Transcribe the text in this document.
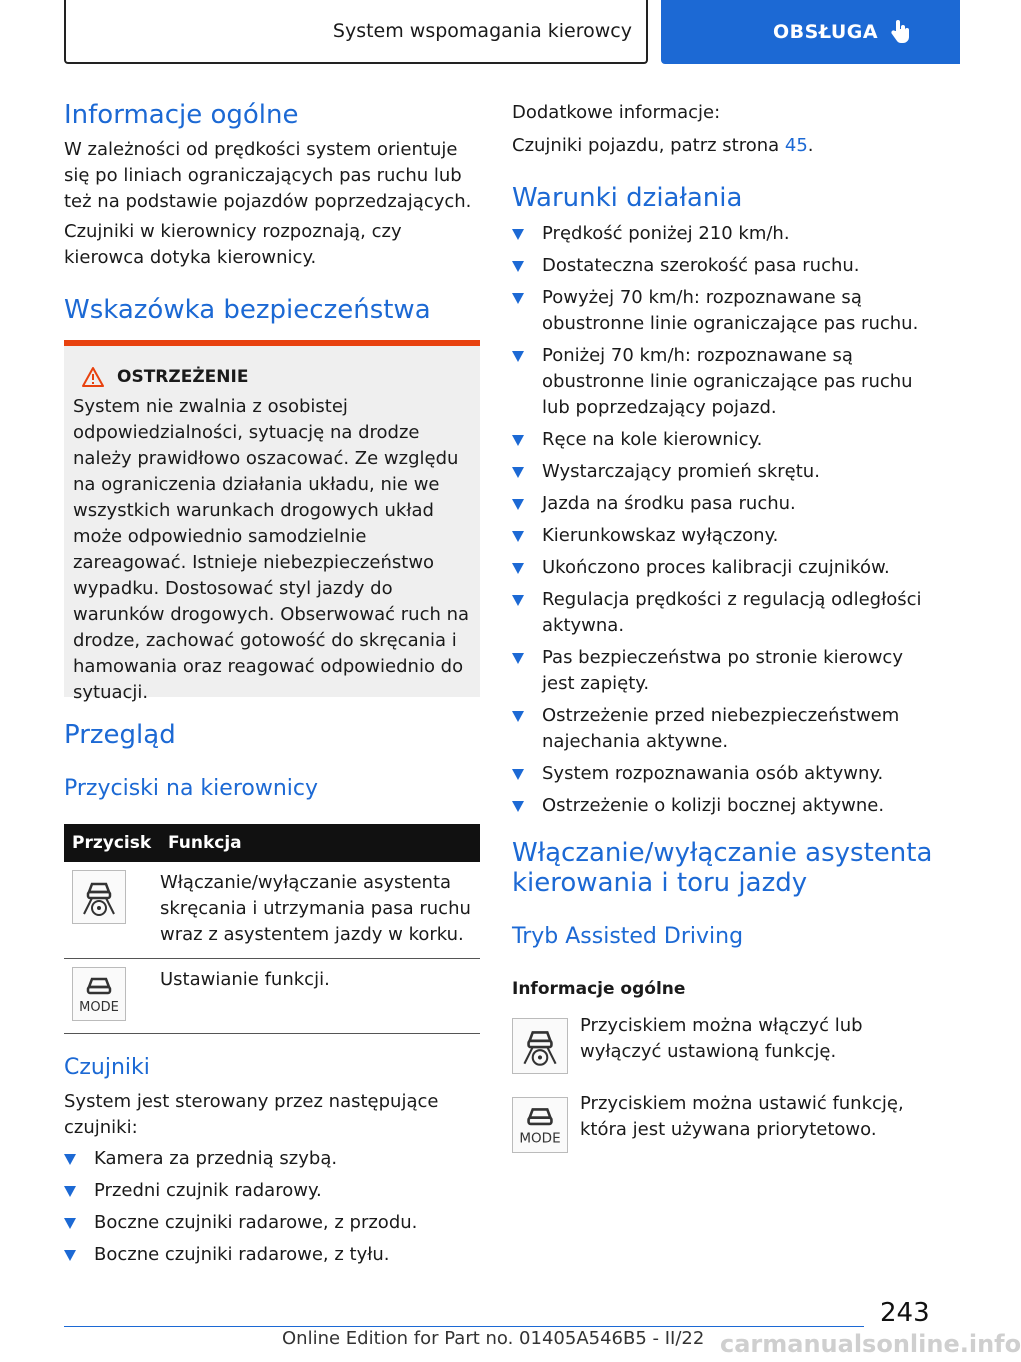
System wspomagania kierowcy	OBSŁUGA
Informacje ogólne

W zależności od prędkości system orientuje się po liniach ograniczających pas ruchu lub też na podstawie pojazdów poprzedzających.

Czujniki w kierownicy rozpoznają, czy kierowca dotyka kierownicy.

Wskazówka bezpieczeństwa
OSTRZEŻENIE

System nie zwalnia z osobistej odpowiedzialności, sytuację na drodze należy prawidłowo oszacować. Ze względu na ograniczenia działania układu, nie we wszystkich warunkach drogowych układ może odpowiednio samodzielnie zareagować. Istnieje niebezpieczeństwo wypadku. Dostosować styl jazdy do warunków drogowych. Obserwować ruch na drodze, zachować gotowość do skręcania i hamowania oraz reagować odpowiednio do sytuacji.

Przegląd
Przyciski na kierownicy
Przycisk	Funkcja

	Włączanie/wyłączanie asystenta skręcania i utrzymania pasa ruchu wraz z asystentem jazdy w korku.

MODE	Ustawianie funkcji.
Czujniki

System jest sterowany przez następujące czujniki:

Kamera za przednią szybą.
Przedni czujnik radarowy.
Boczne czujniki radarowe, z przodu.
Boczne czujniki radarowe, z tyłu.

Dodatkowe informacje:

Czujniki pojazdu, patrz strona 45.

Warunki działania
Prędkość poniżej 210 km/h.
Dostateczna szerokość pasa ruchu.
Powyżej 70 km/h: rozpoznawane są obustronne linie ograniczające pas ruchu.
Poniżej 70 km/h: rozpoznawane są obustronne linie ograniczające pas ruchu lub poprzedzający pojazd.
Ręce na kole kierownicy.
Wystarczający promień skrętu.
Jazda na środku pasa ruchu.
Kierunkowskaz wyłączony.
Ukończono proces kalibracji czujników.
Regulacja prędkości z regulacją odległości aktywna.
Pas bezpieczeństwa po stronie kierowcy jest zapięty.
Ostrzeżenie przed niebezpieczeństwem najechania aktywne.
System rozpoznawania osób aktywny.
Ostrzeżenie o kolizji bocznej aktywne.
Włączanie/wyłączanie asystenta
kierowania i toru jazdy
Tryb Assisted Driving

Informacje ogólne

Przyciskiem można włączyć lub wyłączyć ustawioną funkcję.

MODE

Przyciskiem można ustawić funkcję, która jest używana priorytetowo.

243
Online Edition for Part no. 01405A546B5 - II/22 carmanualsonline.info
